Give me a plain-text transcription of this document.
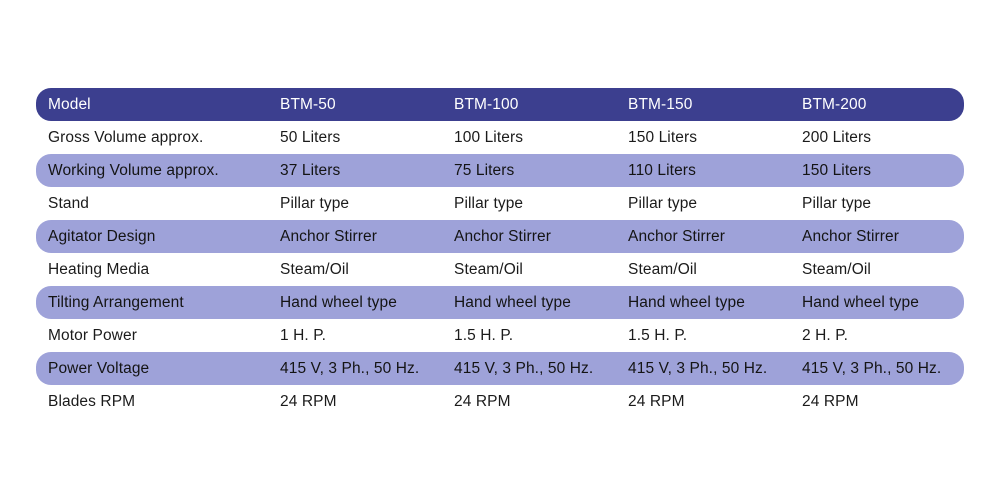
Model	BTM-50	BTM-100	BTM-150	BTM-200
Gross Volume approx.	50 Liters	100 Liters	150 Liters	200 Liters
Working Volume approx.	37 Liters	75 Liters	110 Liters	150 Liters
Stand	Pillar type	Pillar type	Pillar type	Pillar type
Agitator Design	Anchor Stirrer	Anchor Stirrer	Anchor Stirrer	Anchor Stirrer
Heating Media	Steam/Oil	Steam/Oil	Steam/Oil	Steam/Oil
Tilting Arrangement	Hand wheel type	Hand wheel type	Hand wheel type	Hand wheel type
Motor Power	1 H. P.	1.5 H. P.	1.5 H. P.	2 H. P.
Power Voltage	415 V, 3 Ph., 50 Hz.	415 V, 3 Ph., 50 Hz.	415 V, 3 Ph., 50 Hz.	415 V, 3 Ph., 50 Hz.
Blades RPM	24 RPM	24 RPM	24 RPM	24 RPM
